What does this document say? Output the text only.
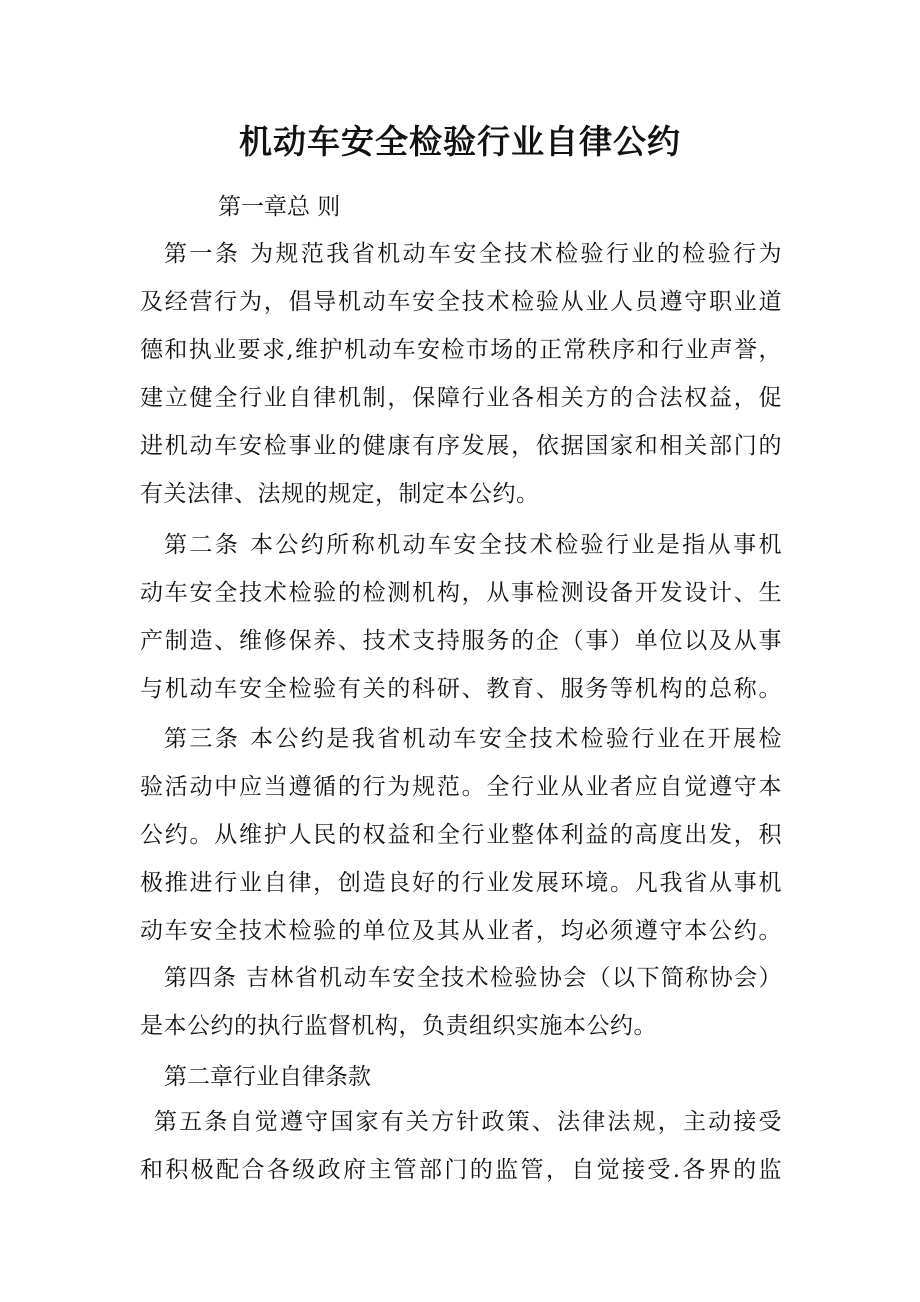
机动车安全检验行业自律公约
第一章总 则
第一条 为规范我省机动车安全技术检验行业的检验行为
及经营行为，倡导机动车安全技术检验从业人员遵守职业道
德和执业要求,维护机动车安检市场的正常秩序和行业声誉，
建立健全行业自律机制，保障行业各相关方的合法权益，促
进机动车安检事业的健康有序发展，依据国家和相关部门的
有关法律、法规的规定，制定本公约。
第二条 本公约所称机动车安全技术检验行业是指从事机
动车安全技术检验的检测机构，从事检测设备开发设计、生
产制造、维修保养、技术支持服务的企（事）单位以及从事
与机动车安全检验有关的科研、教育、服务等机构的总称。
第三条 本公约是我省机动车安全技术检验行业在开展检
验活动中应当遵循的行为规范。全行业从业者应自觉遵守本
公约。从维护人民的权益和全行业整体利益的高度出发，积
极推进行业自律，创造良好的行业发展环境。凡我省从事机
动车安全技术检验的单位及其从业者，均必须遵守本公约。
第四条 吉林省机动车安全技术检验协会（以下简称协会）
是本公约的执行监督机构，负责组织实施本公约。
第二章行业自律条款
第五条自觉遵守国家有关方针政策、法律法规，主动接受
和积极配合各级政府主管部门的监管，自觉接受.各界的监
